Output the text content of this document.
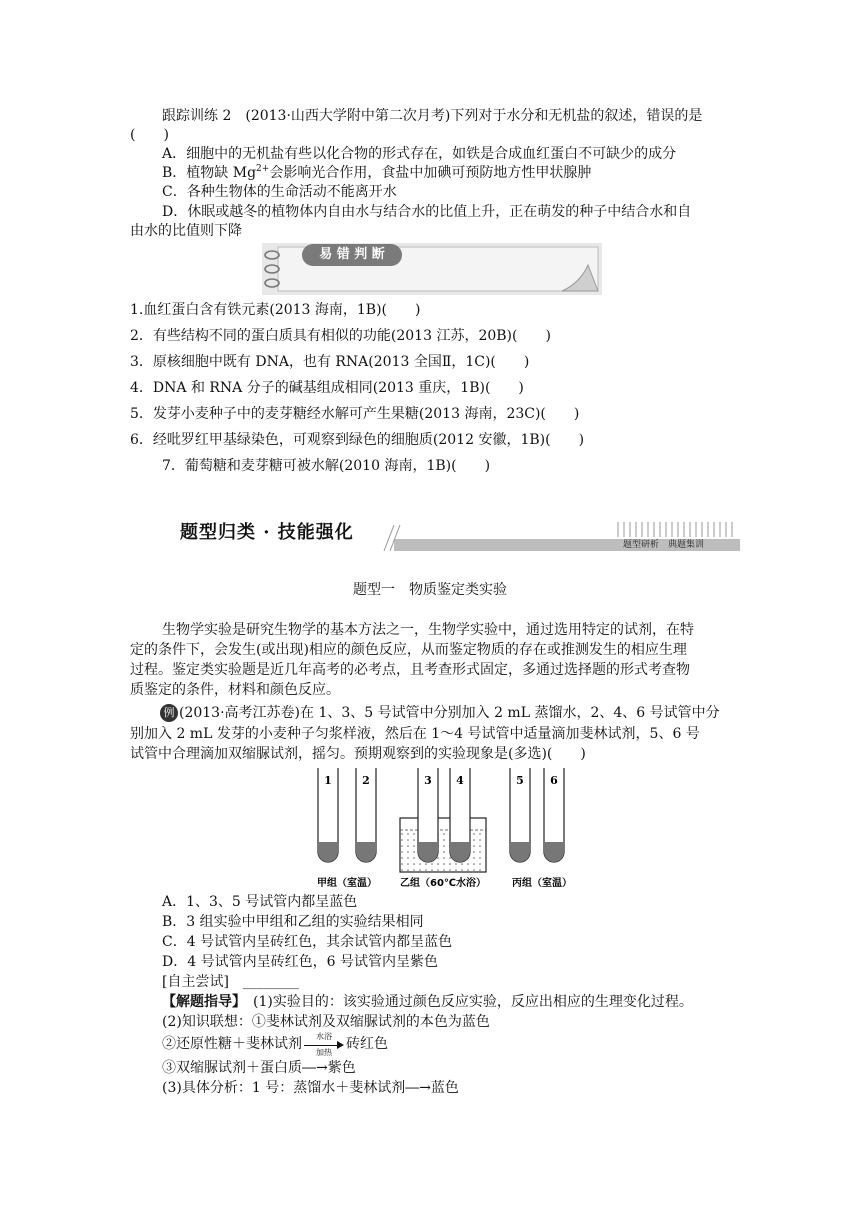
跟踪训练 2　 (2013·山西大学附中第二次月考)下列对于水分和无机盐的叙述，错误的是
(　　)
A．细胞中的无机盐有些以化合物的形式存在，如铁是合成血红蛋白不可缺少的成分
B．植物缺 $Mg^{2+}$会影响光合作用，食盐中加碘可预防地方性甲状腺肿
C．各种生物体的生命活动不能离开水
D．休眠或越冬的植物体内自由水与结合水的比值上升，正在萌发的种子中结合水和自
由水的比值则下降
易 错 判 断
1.血红蛋白含有铁元素(2013 海南，1B)(　　)
2．有些结构不同的蛋白质具有相似的功能(2013 江苏，20B)(　　)
3．原核细胞中既有 DNA，也有 RNA(2013 全国Ⅱ，1C)(　　)
4．DNA 和 RNA 分子的碱基组成相同(2013 重庆，1B)(　　)
5．发芽小麦种子中的麦芽糖经水解可产生果糖(2013 海南，23C)(　　)
6．经吡罗红甲基绿染色，可观察到绿色的细胞质(2012 安徽，1B)(　　)
7．葡萄糖和麦芽糖可被水解(2010 海南，1B)(　　)
题型归类 · 技能强化
题型研析　典题集训
题型一　物质鉴定类实验
生物学实验是研究生物学的基本方法之一，生物学实验中，通过选用特定的试剂，在特
定的条件下，会发生(或出现)相应的颜色反应，从而鉴定物质的存在或推测发生的相应生理
过程。鉴定类实验题是近几年高考的必考点，且考查形式固定，多通过选择题的形式考查物
质鉴定的条件，材料和颜色反应。
例 (2013·高考江苏卷)在 1、3、5 号试管中分别加入 2 mL 蒸馏水，2、4、6 号试管中分
别加入 2 mL 发芽的小麦种子匀浆样液，然后在 1～4 号试管中适量滴加斐林试剂，5、6 号
试管中合理滴加双缩脲试剂，摇匀。预期观察到的实验现象是(多选)(　　)
1	2	3 4	5 6
甲组（室温） 乙组（60℃水浴）	丙组（室温）
A．1、3、5 号试管内都呈蓝色
B．3 组实验中甲组和乙组的实验结果相同
C．4 号试管内呈砖红色，其余试管内都呈蓝色
D．4 号试管内呈砖红色，6 号试管内呈紫色
[自主尝试]　________
【解题指导】　(1)实验目的：该实验通过颜色反应实验，反应出相应的生理变化过程。
(2)知识联想：①斐林试剂及双缩脲试剂的本色为蓝色
②还原性糖＋斐林试剂	水浴
加热
砖红色
③双缩脲试剂＋蛋白质―→紫色
(3)具体分析：1 号：蒸馏水＋斐林试剂―→蓝色
